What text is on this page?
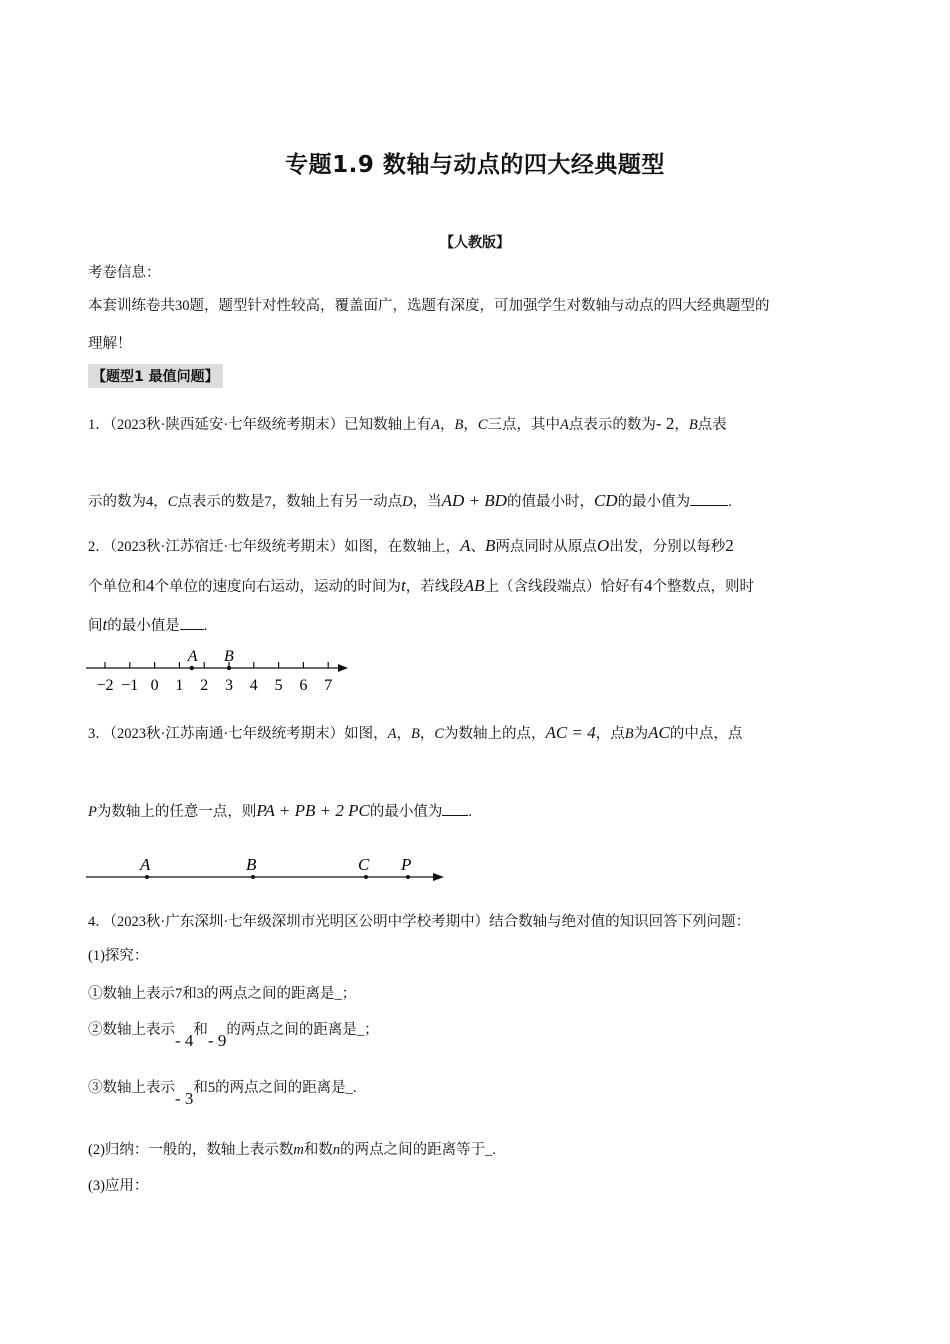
专题1.9 数轴与动点的四大经典题型
【人教版】
考卷信息：
本套训练卷共30题，题型针对性较高，覆盖面广，选题有深度，可加强学生对数轴与动点的四大经典题型的
理解！
【题型1 最值问题】
1．（2023秋·陕西延安·七年级统考期末）已知数轴上有A，B，C三点，其中A点表示的数为- 2，B点表
示的数为4，C点表示的数是7，数轴上有另一动点D，当AD + BD的值最小时，CD的最小值为	.
2．（2023秋·江苏宿迁·七年级统考期末）如图，在数轴上，A、B两点同时从原点O出发，分别以每秒2
个单位和4个单位的速度向右运动，运动的时间为t，若线段AB上（含线段端点）恰好有4个整数点，则时
间t的最小值是 .
−2 −1 0 1 2 3 4 5 6 7
A B
3．（2023秋·江苏南通·七年级统考期末）如图，A，B，C为数轴上的点，AC = 4，点B为AC的中点，点
P为数轴上的任意一点，则PA + PB + 2 PC的最小值为 .
A	B	C P
4．（2023秋·广东深圳·七年级深圳市光明区公明中学校考期中）结合数轴与绝对值的知识回答下列问题：
(1)探究：
①数轴上表示7和3的两点之间的距离是_；
②数轴上表示- 4和- 9的两点之间的距离是_；
③数轴上表示- 3和5的两点之间的距离是_.
(2)归纳：一般的，数轴上表示数m和数n的两点之间的距离等于_.
(3)应用：
